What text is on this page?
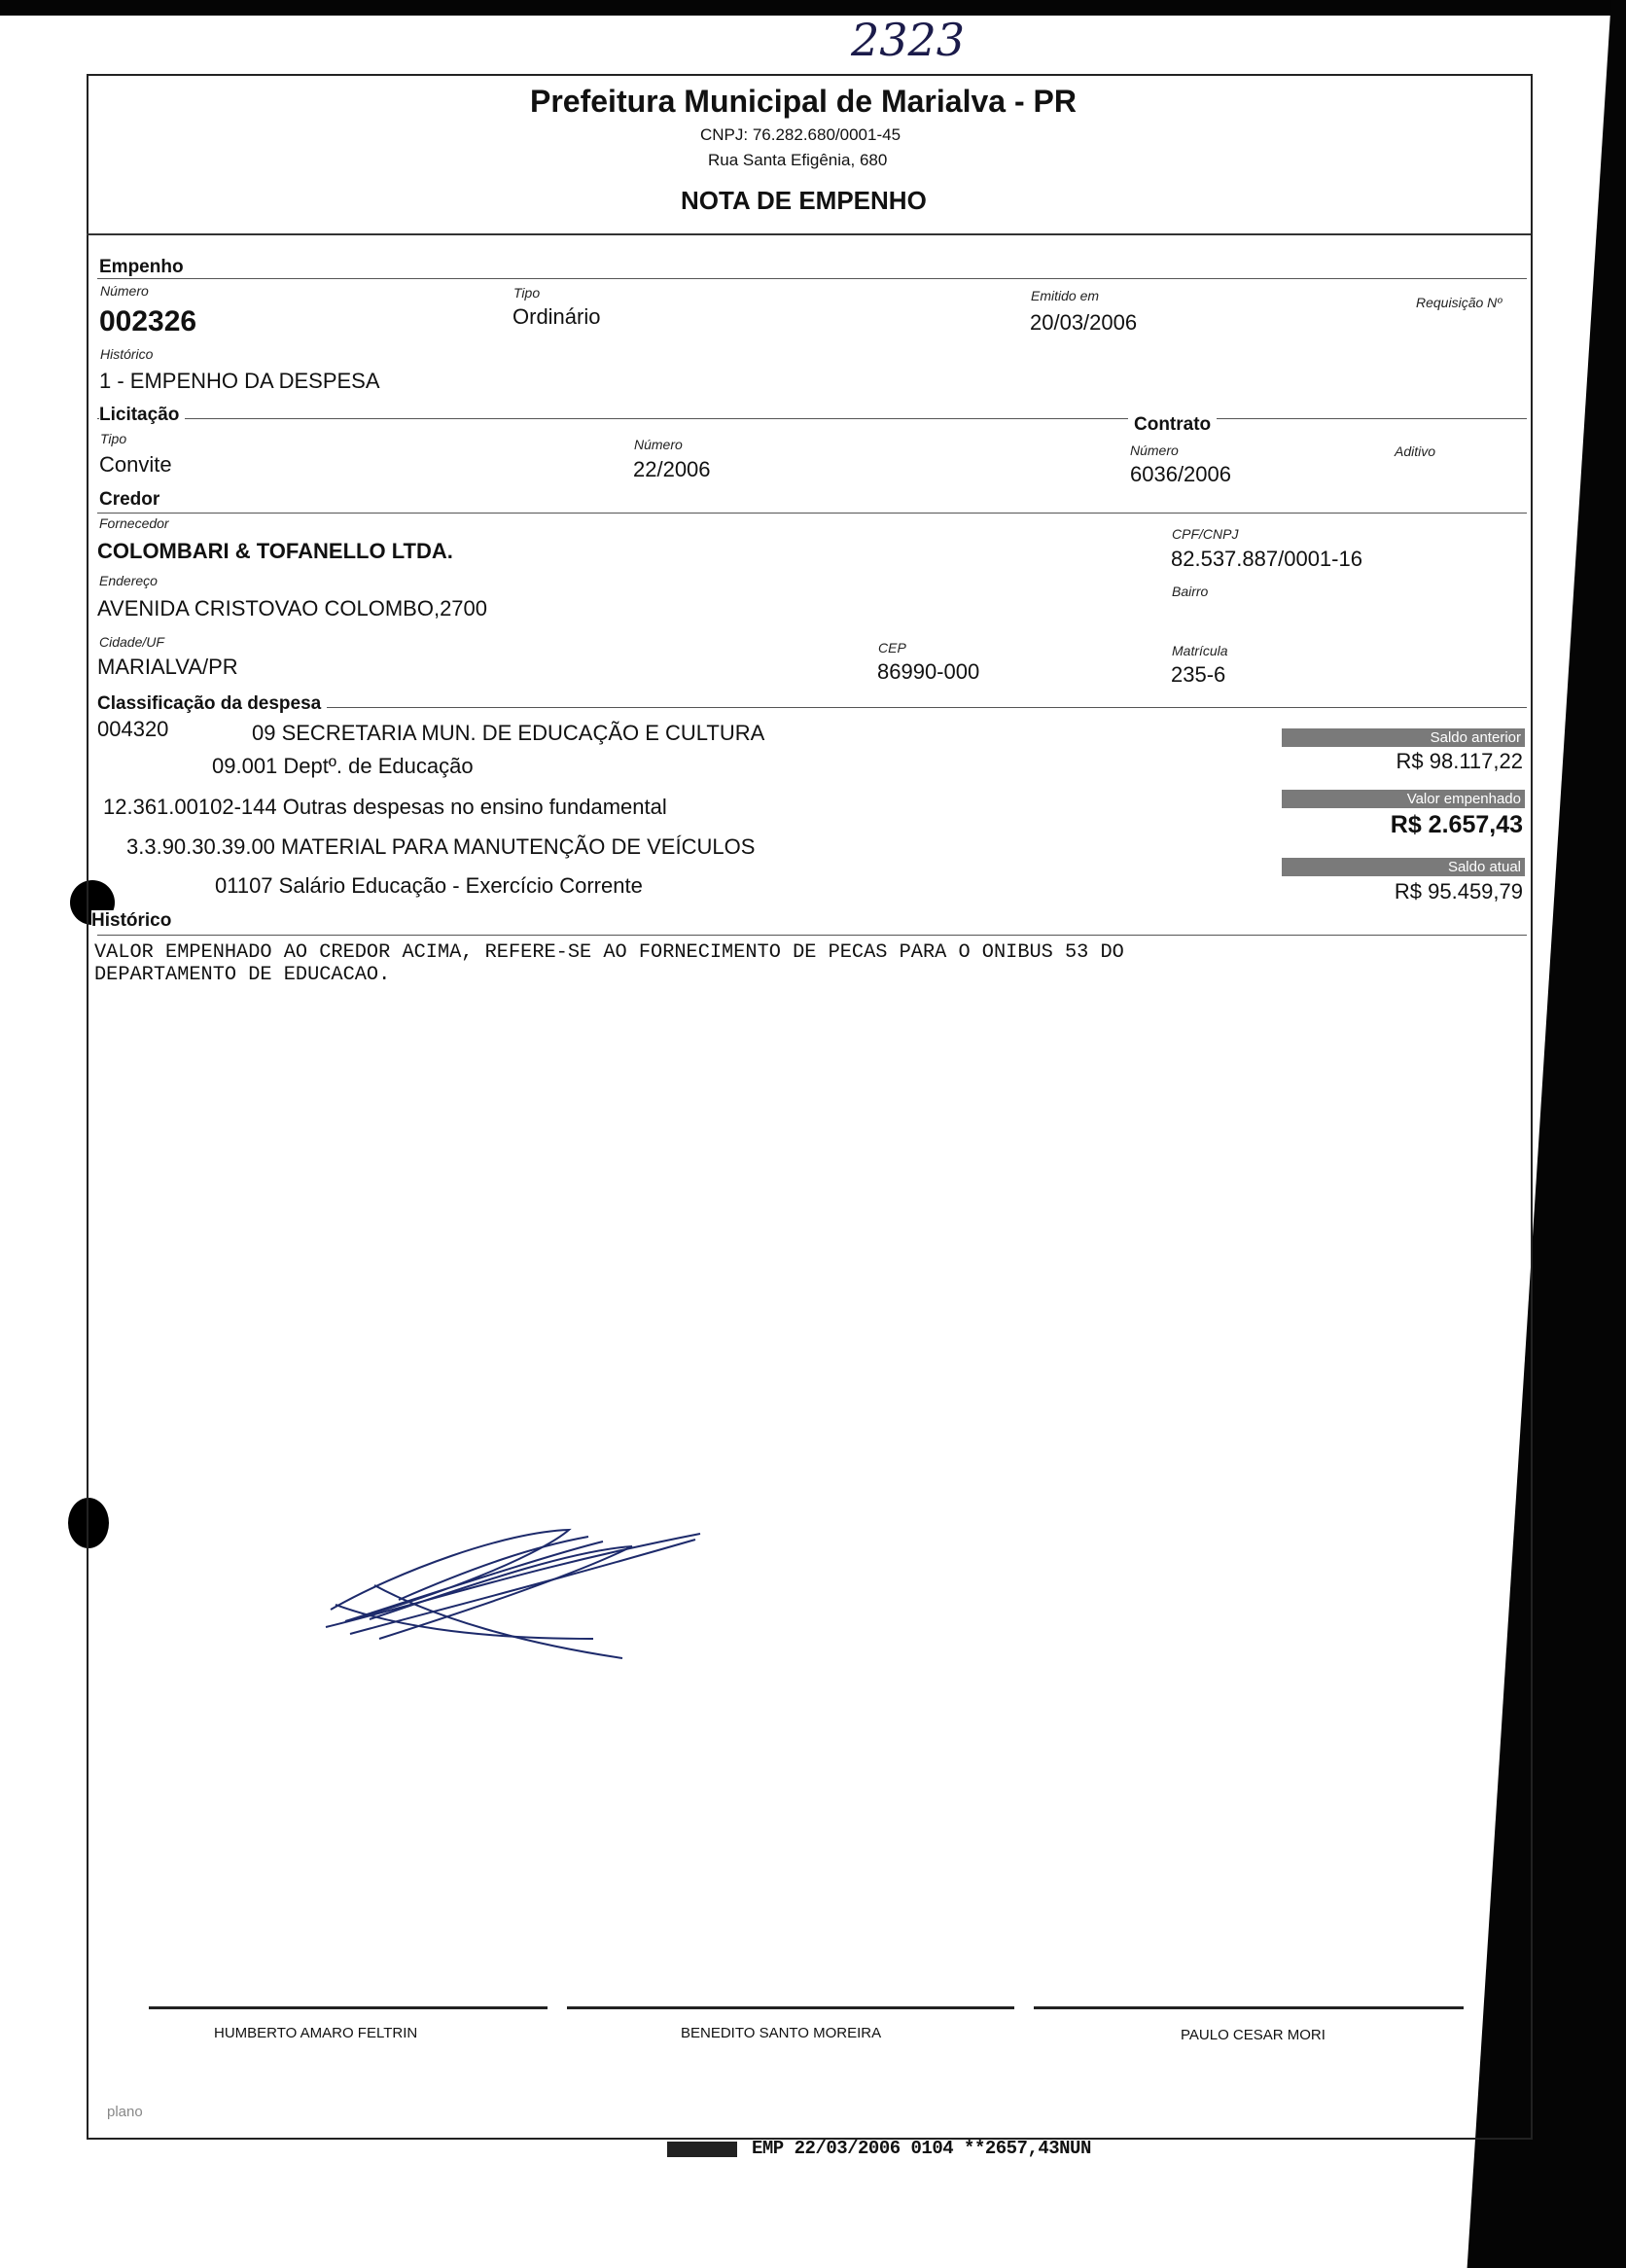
2323
Prefeitura Municipal de Marialva - PR
CNPJ: 76.282.680/0001-45
Rua Santa Efigênia, 680
NOTA DE EMPENHO
Empenho
Número
002326
Tipo
Ordinário
Emitido em
20/03/2006
Requisição Nº
Histórico
1 - EMPENHO DA DESPESA
Licitação	Contrato
Tipo
Convite
Número
22/2006
Número
6036/2006
Aditivo
Credor
Fornecedor
COLOMBARI & TOFANELLO LTDA.
CPF/CNPJ
82.537.887/0001-16
Endereço
AVENIDA CRISTOVAO COLOMBO,2700
Bairro
Cidade/UF
MARIALVA/PR
CEP
86990-000
Matrícula
235-6
Classificação da despesa
004320	09 SECRETARIA MUN. DE EDUCAÇÃO E CULTURA
09.001 Deptº. de Educação
12.361.00102-144 Outras despesas no ensino fundamental
3.3.90.30.39.00 MATERIAL PARA MANUTENÇÃO DE VEÍCULOS
01107 Salário Educação - Exercício Corrente
Saldo anterior
R$ 98.117,22
Valor empenhado
R$ 2.657,43
Saldo atual
R$ 95.459,79
Histórico
VALOR EMPENHADO AO CREDOR ACIMA, REFERE-SE AO FORNECIMENTO DE PECAS PARA O ONIBUS 53 DO
DEPARTAMENTO DE EDUCACAO.
HUMBERTO AMARO FELTRIN	BENEDITO SANTO MOREIRA	PAULO CESAR MORI
plano
EMP 22/03/2006 0104 **2657,43NUN
